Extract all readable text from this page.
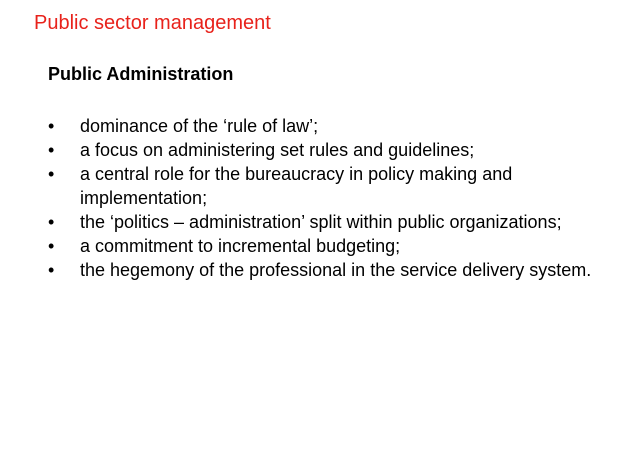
Public sector management
Public Administration
• dominance of the ‘rule of law’;
• a focus on administering set rules and guidelines;
• a central role for the bureaucracy in policy making and implementation;
• the ‘politics – administration’ split within public organizations;
• a commitment to incremental budgeting;
• the hegemony of the professional in the service delivery system.
